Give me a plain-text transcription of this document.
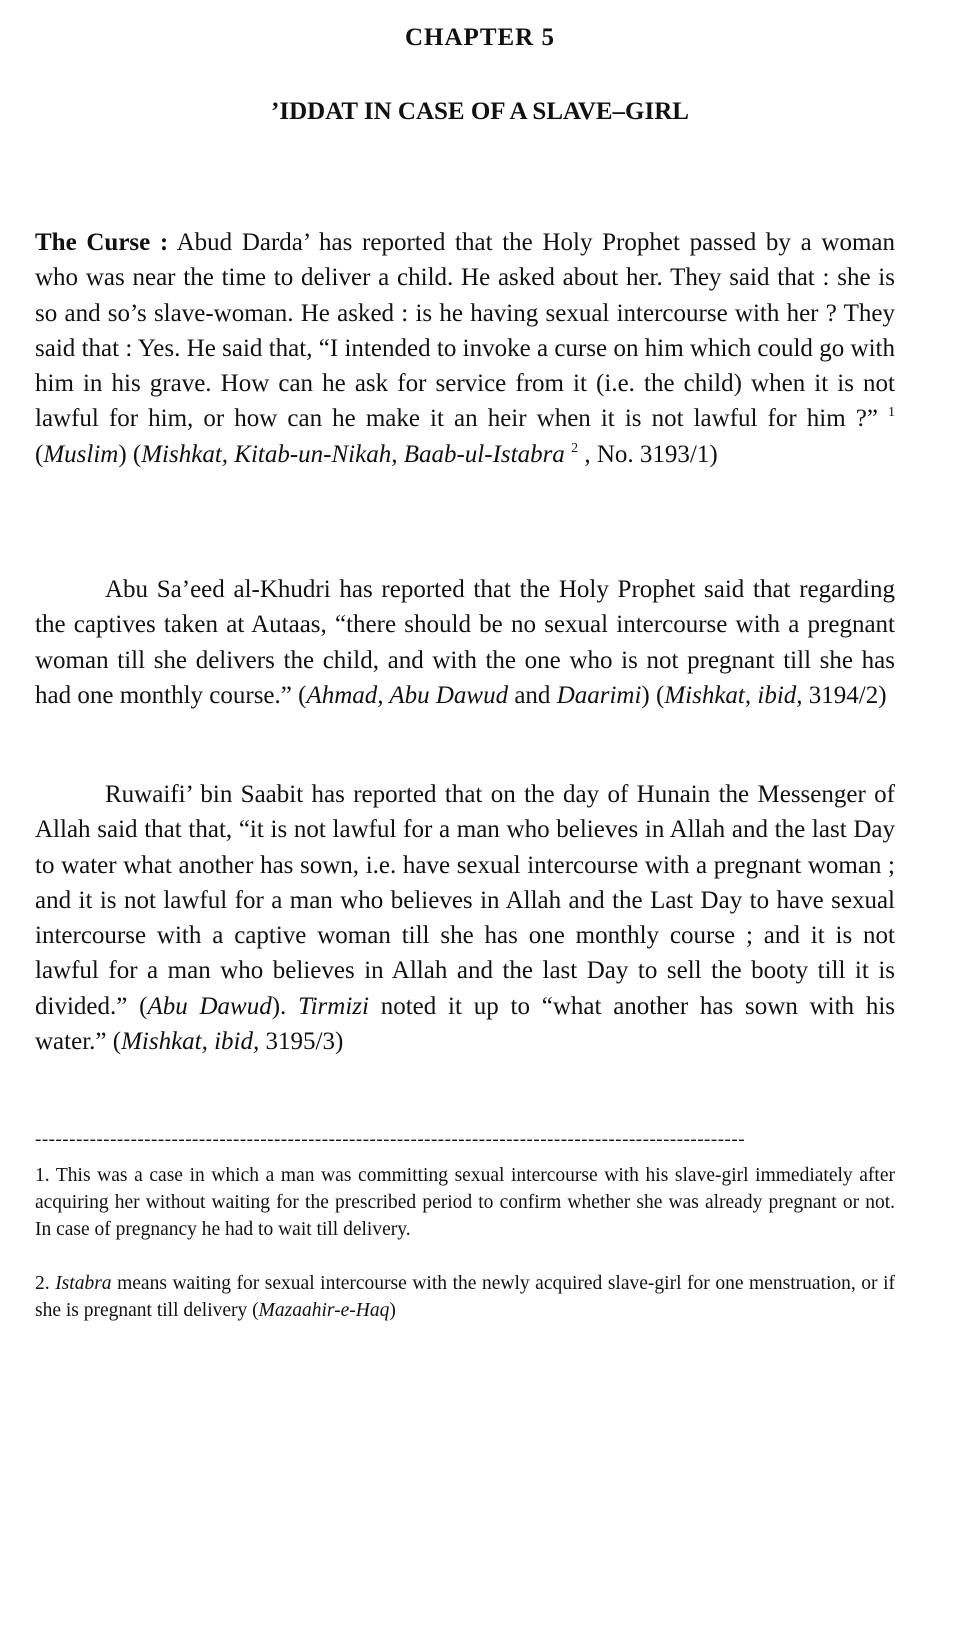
CHAPTER 5
’IDDAT IN CASE OF A SLAVE–GIRL
The Curse : Abud Darda’ has reported that the Holy Prophet passed by a woman who was near the time to deliver a child. He asked about her. They said that : she is so and so’s slave-woman. He asked : is he having sexual intercourse with her ? They said that : Yes. He said that, “I intended to invoke a curse on him which could go with him in his grave. How can he ask for service from it (i.e. the child) when it is not lawful for him, or how can he make it an heir when it is not lawful for him ?” $^1$ (Muslim) (Mishkat, Kitab-un-Nikah, Baab-ul-Istabra $^2$ , No. 3193/1)
Abu Sa’eed al-Khudri has reported that the Holy Prophet said that regarding the captives taken at Autaas, “there should be no sexual intercourse with a pregnant woman till she delivers the child, and with the one who is not pregnant till she has had one monthly course.” (Ahmad, Abu Dawud and Daarimi) (Mishkat, ibid, 3194/2)
Ruwaifi’ bin Saabit has reported that on the day of Hunain the Messenger of Allah said that that, “it is not lawful for a man who believes in Allah and the last Day to water what another has sown, i.e. have sexual intercourse with a pregnant woman ; and it is not lawful for a man who believes in Allah and the Last Day to have sexual intercourse with a captive woman till she has one monthly course ; and it is not lawful for a man who believes in Allah and the last Day to sell the booty till it is divided.” (Abu Dawud). Tirmizi noted it up to “what another has sown with his water.” (Mishkat, ibid, 3195/3)
--------------------------------------------------------------------------------------------------------
1. This was a case in which a man was committing sexual intercourse with his slave-girl immediately after acquiring her without waiting for the prescribed period to confirm whether she was already pregnant or not. In case of pregnancy he had to wait till delivery.
2. Istabra means waiting for sexual intercourse with the newly acquired slave-girl for one menstruation, or if she is pregnant till delivery (Mazaahir-e-Haq)
